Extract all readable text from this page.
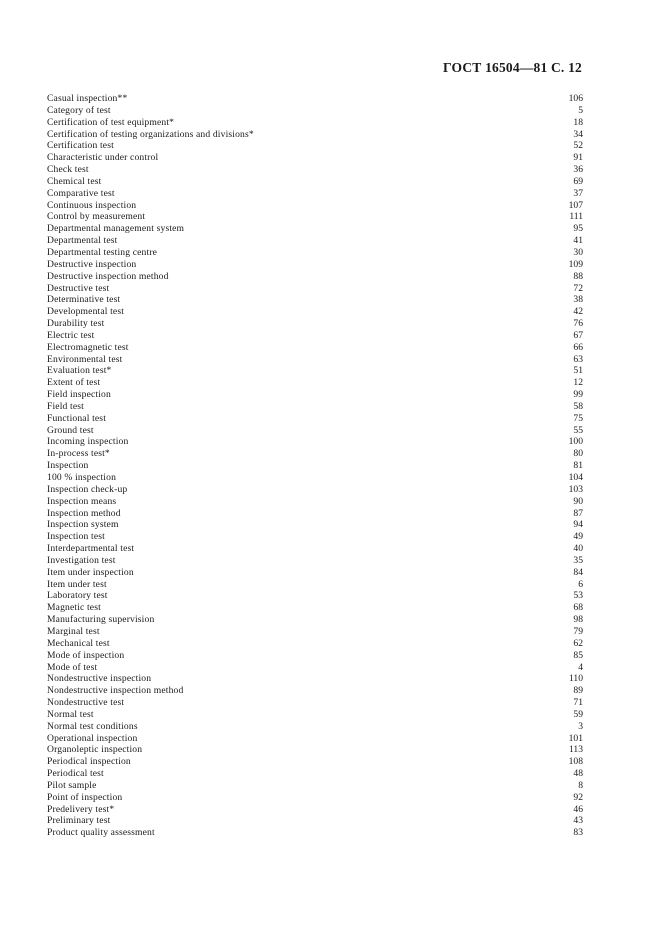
ГОСТ 16504—81 С. 12
Casual inspection**	106
Category of test	5
Certification of test equipment*	18
Certification of testing organizations and divisions*	34
Certification test	52
Characteristic under control	91
Check test	36
Chemical test	69
Comparative test	37
Continuous inspection	107
Control by measurement	111
Departmental management system	95
Departmental test	41
Departmental testing centre	30
Destructive inspection	109
Destructive inspection method	88
Destructive test	72
Determinative test	38
Developmental test	42
Durability test	76
Electric test	67
Electromagnetic test	66
Environmental test	63
Evaluation test*	51
Extent of test	12
Field inspection	99
Field test	58
Functional test	75
Ground test	55
Incoming inspection	100
In-process test*	80
Inspection	81
100 % inspection	104
Inspection check-up	103
Inspection means	90
Inspection method	87
Inspection system	94
Inspection test	49
Interdepartmental test	40
Investigation test	35
Item under inspection	84
Item under test	6
Laboratory test	53
Magnetic test	68
Manufacturing supervision	98
Marginal test	79
Mechanical test	62
Mode of inspection	85
Mode of test	4
Nondestructive inspection	110
Nondestructive inspection method	89
Nondestructive test	71
Normal test	59
Normal test conditions	3
Operational inspection	101
Organoleptic inspection	113
Periodical inspection	108
Periodical test	48
Pilot sample	8
Point of inspection	92
Predelivery test*	46
Preliminary test	43
Product quality assessment	83
